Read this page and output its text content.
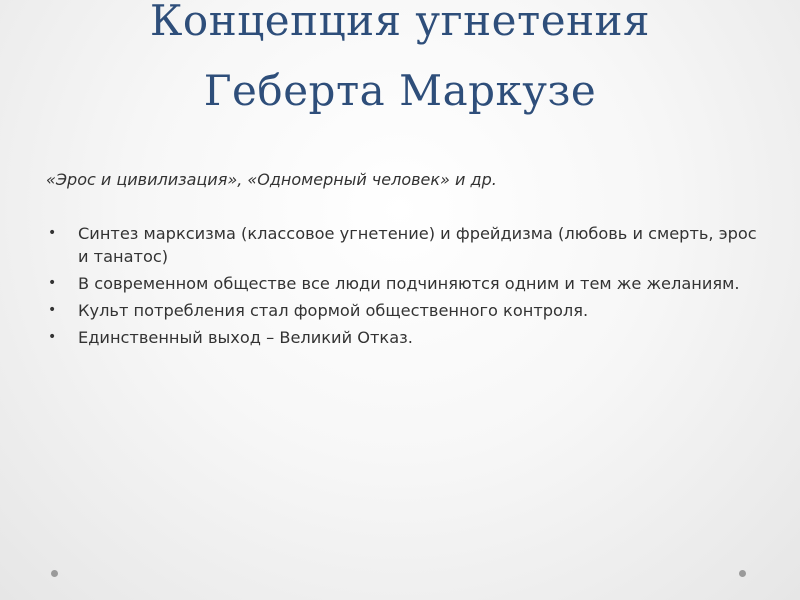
Концепция угнетения
Геберта Маркузе
«Эрос и цивилизация», «Одномерный человек» и др.
• Синтез марксизма (классовое угнетение) и фрейдизма (любовь и смерть, эрос и танатос)
• В современном обществе все люди подчиняются одним и тем же желаниям.
• Культ потребления стал формой общественного контроля.
• Единственный выход – Великий Отказ.
